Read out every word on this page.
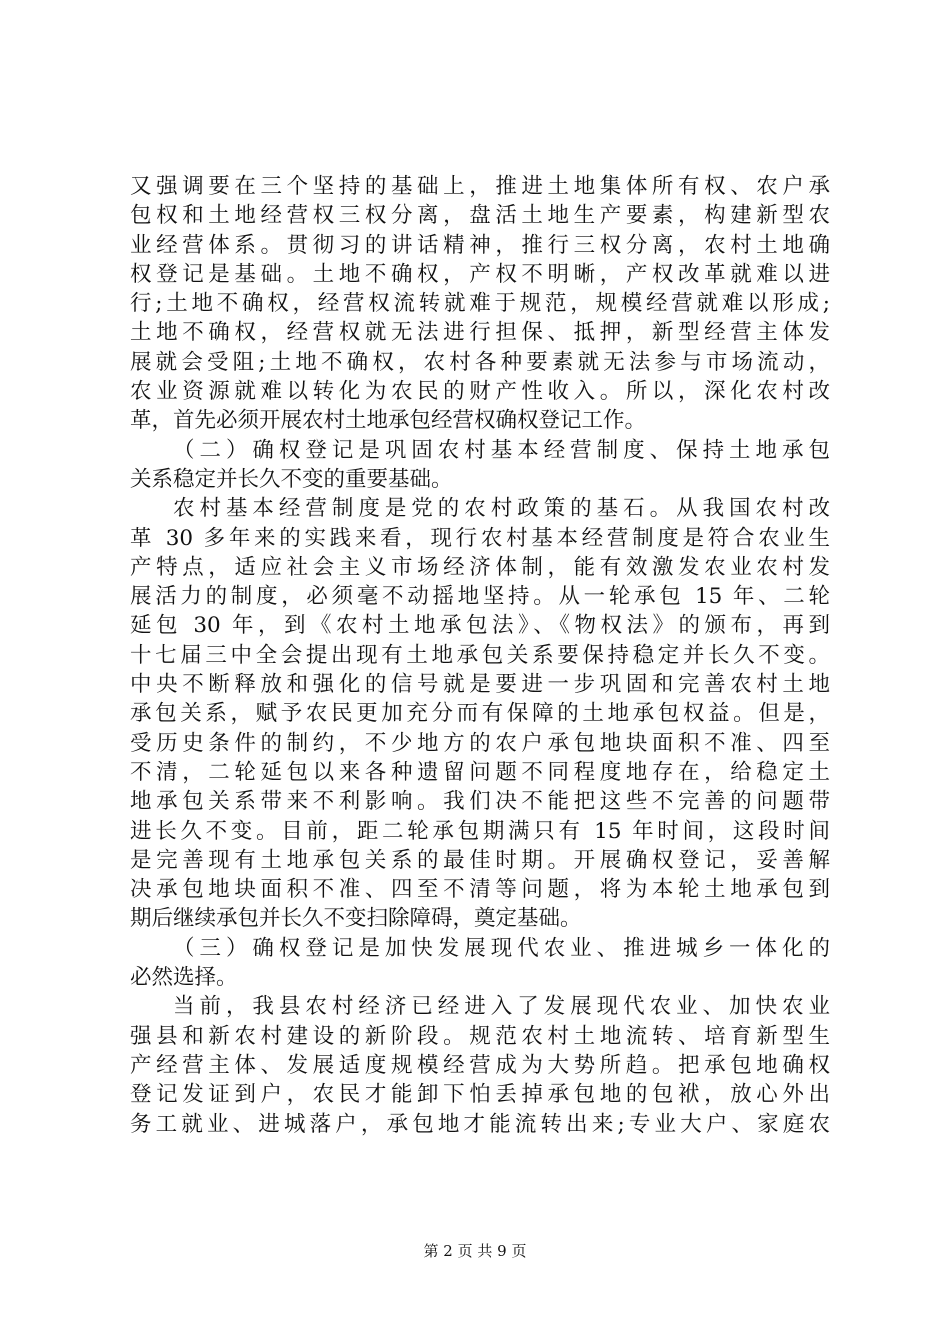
又强调要在三个坚持的基础上，推进土地集体所有权、农户承
包权和土地经营权三权分离，盘活土地生产要素，构建新型农
业经营体系。贯彻习的讲话精神，推行三权分离，农村土地确
权登记是基础。土地不确权，产权不明晰，产权改革就难以进
行;土地不确权，经营权流转就难于规范，规模经营就难以形成;
土地不确权，经营权就无法进行担保、抵押，新型经营主体发
展就会受阻;土地不确权，农村各种要素就无法参与市场流动，
农业资源就难以转化为农民的财产性收入。所以，深化农村改
革，首先必须开展农村土地承包经营权确权登记工作。
（二）确权登记是巩固农村基本经营制度、保持土地承包
关系稳定并长久不变的重要基础。
农村基本经营制度是党的农村政策的基石。从我国农村改
革 30 多年来的实践来看，现行农村基本经营制度是符合农业生
产特点，适应社会主义市场经济体制，能有效激发农业农村发
展活力的制度，必须毫不动摇地坚持。从一轮承包 15 年、二轮
延包 30 年，到《农村土地承包法》、《物权法》的颁布，再到
十七届三中全会提出现有土地承包关系要保持稳定并长久不变。
中央不断释放和强化的信号就是要进一步巩固和完善农村土地
承包关系，赋予农民更加充分而有保障的土地承包权益。但是，
受历史条件的制约，不少地方的农户承包地块面积不准、四至
不清，二轮延包以来各种遗留问题不同程度地存在，给稳定土
地承包关系带来不利影响。我们决不能把这些不完善的问题带
进长久不变。目前，距二轮承包期满只有 15 年时间，这段时间
是完善现有土地承包关系的最佳时期。开展确权登记，妥善解
决承包地块面积不准、四至不清等问题，将为本轮土地承包到
期后继续承包并长久不变扫除障碍，奠定基础。
（三）确权登记是加快发展现代农业、推进城乡一体化的
必然选择。
当前，我县农村经济已经进入了发展现代农业、加快农业
强县和新农村建设的新阶段。规范农村土地流转、培育新型生
产经营主体、发展适度规模经营成为大势所趋。把承包地确权
登记发证到户，农民才能卸下怕丢掉承包地的包袱，放心外出
务工就业、进城落户，承包地才能流转出来;专业大户、家庭农
第 2 页 共 9 页
